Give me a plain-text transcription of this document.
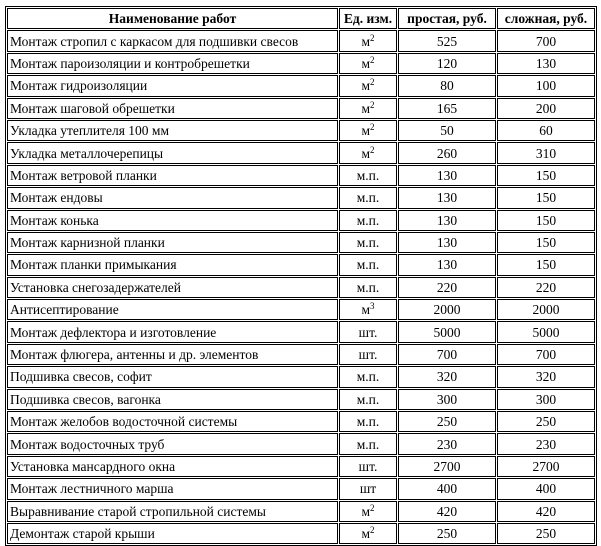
Наименование работ	Ед. изм.	простая, руб.	сложная, руб.
Монтаж стропил с каркасом для подшивки свесов	$м^2$	525	700
Монтаж пароизоляции и контробрешетки	$м^2$	120	130
Монтаж гидроизоляции	$м^2$	80	100
Монтаж шаговой обрешетки	$м^2$	165	200
Укладка утеплителя 100 мм	$м^2$	50	60
Укладка металлочерепицы	$м^2$	260	310
Монтаж ветровой планки	м.п.	130	150
Монтаж ендовы	м.п.	130	150
Монтаж конька	м.п.	130	150
Монтаж карнизной планки	м.п.	130	150
Монтаж планки примыкания	м.п.	130	150
Установка снегозадержателей	м.п.	220	220
Антисептирование	$м^3$	2000	2000
Монтаж дефлектора и изготовление	шт.	5000	5000
Монтаж флюгера, антенны и др. элементов	шт.	700	700
Подшивка свесов, софит	м.п.	320	320
Подшивка свесов, вагонка	м.п.	300	300
Монтаж желобов водосточной системы	м.п.	250	250
Монтаж водосточных труб	м.п.	230	230
Установка мансардного окна	шт.	2700	2700
Монтаж лестничного марша	шт	400	400
Выравнивание старой стропильной системы	$м^2$	420	420
Демонтаж старой крыши	$м^2$	250	250
